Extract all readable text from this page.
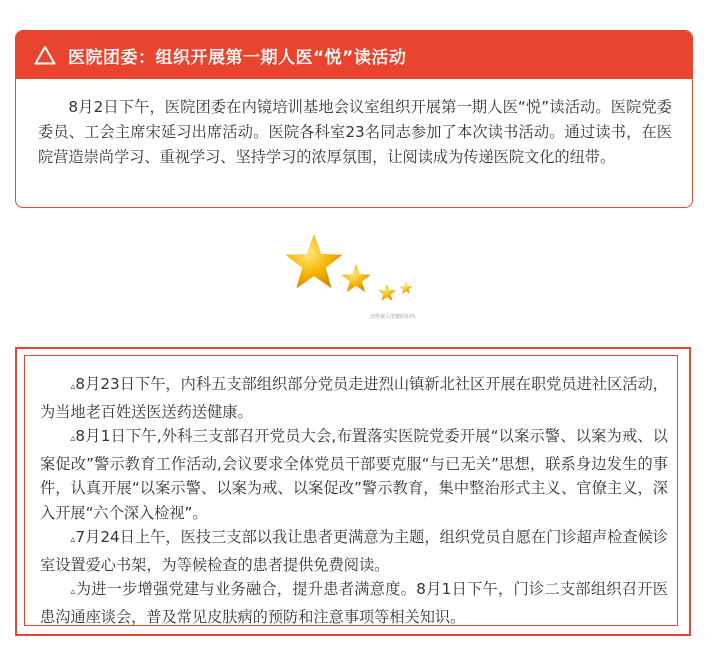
医院团委：组织开展第一期人医“悦”读活动
8月2日下午，医院团委在内镜培训基地会议室组织开展第一期人医“悦”读活动。医院党委委员、工会主席宋延习出席活动。医院各科室23名同志参加了本次读书活动。通过读书，在医院营造崇尚学习、重视学习、坚持学习的浓厚氛围，让阅读成为传递医院文化的纽带。
这些使人清楚的东西

▵8月23日下午，内科五支部组织部分党员走进烈山镇新北社区开展在职党员进社区活动，为当地老百姓送医送药送健康。

▵8月1日下午,外科三支部召开党员大会,布置落实医院党委开展“以案示警、以案为戒、以案促改”警示教育工作活动,会议要求全体党员干部要克服“与已无关”思想，联系身边发生的事件，认真开展“以案示警、以案为戒、以案促改”警示教育，集中整治形式主义、官僚主义，深入开展“六个深入检视”。

▵7月24日上午，医技三支部以我让患者更满意为主题，组织党员自愿在门诊超声检查候诊室设置爱心书架，为等候检查的患者提供免费阅读。

▵为进一步增强党建与业务融合，提升患者满意度。8月1日下午，门诊二支部组织召开医患沟通座谈会，普及常见皮肤病的预防和注意事项等相关知识。
